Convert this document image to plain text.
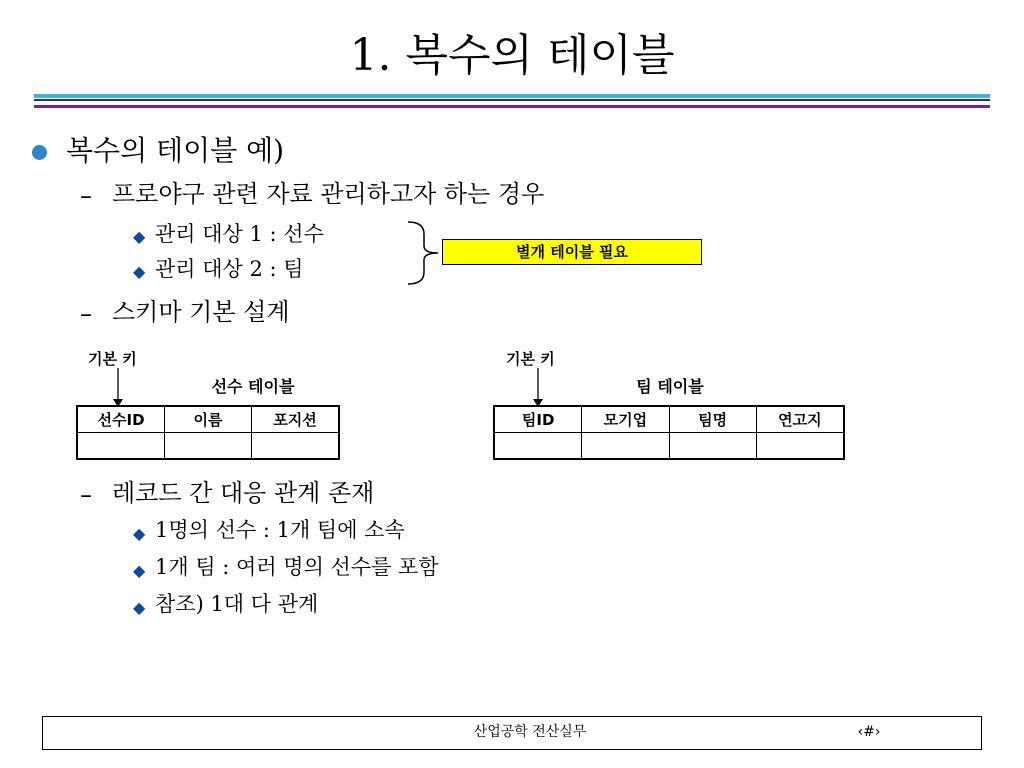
1. 복수의 테이블
복수의 테이블 예)
– 프로야구 관련 자료 관리하고자 하는 경우
◆ 관리 대상 1 : 선수
◆ 관리 대상 2 : 팀
별개 테이블 필요
– 스키마 기본 설계
기본 키
선수 테이블
선수ID	이름	포지션

기본 키
팀 테이블
팀ID	모기업	팀명	연고지

– 레코드 간 대응 관계 존재
◆ 1명의 선수 : 1개 팀에 소속
◆ 1개 팀 : 여러 명의 선수를 포함
◆ 참조) 1대 다 관계
산업공학 전산실무	‹#›
